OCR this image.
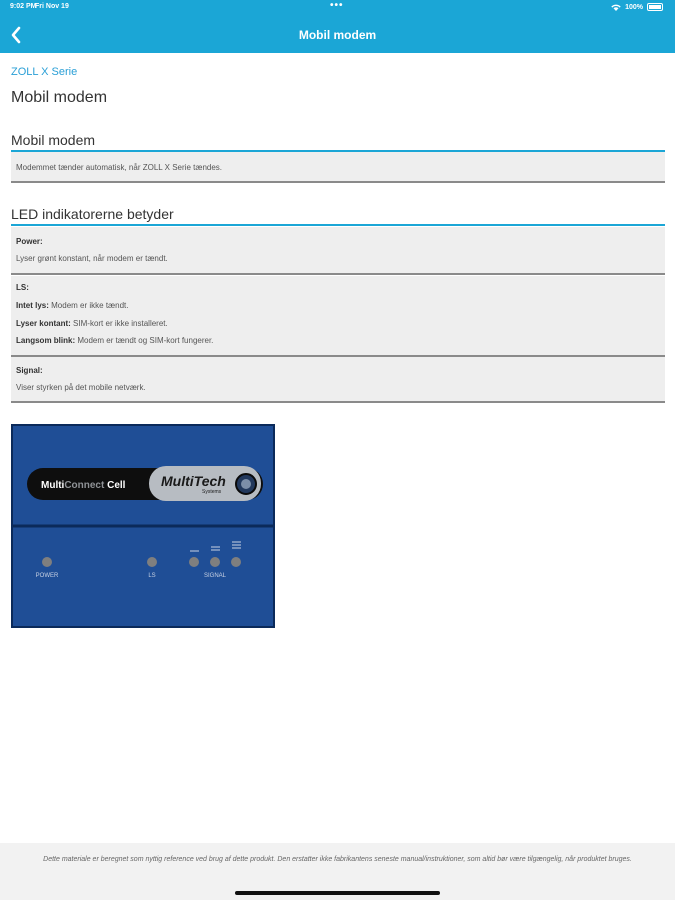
9:02 PM
Fri Nov 19	•••	100%
Mobil modem
ZOLL X Serie
Mobil modem
Mobil modem

Modemmet tænder automatisk, når ZOLL X Serie tændes.

LED indikatorerne betyder

Power:

Lyser grønt konstant, når modem er tændt.

LS:

Intet lys: Modem er ikke tændt.

Lyser kontant: SIM-kort er ikke installeret.

Langsom blink: Modem er tændt og SIM-kort fungerer.

Signal:

Viser styrken på det mobile netværk.

MultiConnect Cell	MultiTech
Systems
POWER	LS	SIGNAL
Dette materiale er beregnet som nyttig reference ved brug af dette produkt. Den erstatter ikke fabrikantens seneste manual/instruktioner, som altid bør være tilgængelig, når produktet bruges.
